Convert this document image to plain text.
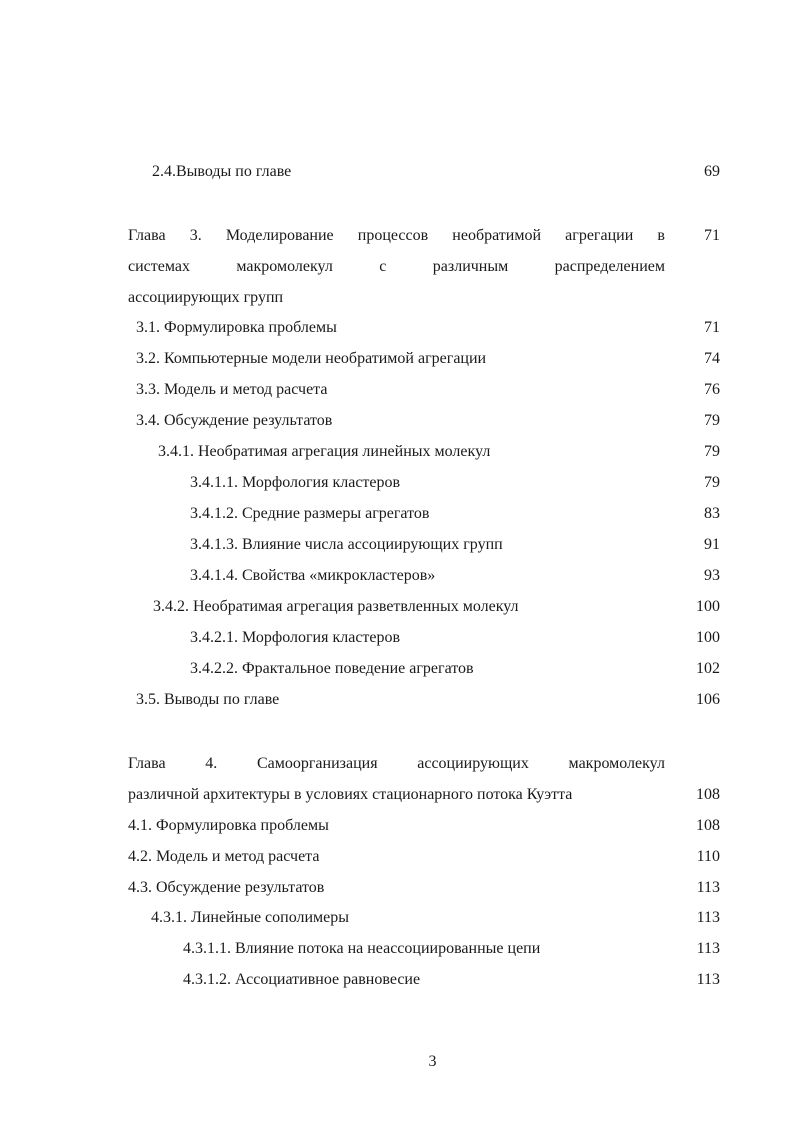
2.4.Выводы по главе	69
Глава 3. Моделирование процессов необратимой агрегации в 71
системах	макромолекул	с	различным	распределением
ассоциирующих групп
3.1. Формулировка проблемы	71
3.2. Компьютерные модели необратимой агрегации	74
3.3. Модель и метод расчета	76
3.4. Обсуждение результатов	79
3.4.1. Необратимая агрегация линейных молекул	79
3.4.1.1. Морфология кластеров	79
3.4.1.2. Средние размеры агрегатов	83
3.4.1.3. Влияние числа ассоциирующих групп	91
3.4.1.4. Свойства «микрокластеров»	93
3.4.2. Необратимая агрегация разветвленных молекул	100
3.4.2.1. Морфология кластеров	100
3.4.2.2. Фрактальное поведение агрегатов	102
3.5. Выводы по главе	106
Глава 4. Самоорганизация ассоциирующих макромолекул
различной архитектуры в условиях стационарного потока Куэтта	108
4.1. Формулировка проблемы	108
4.2. Модель и метод расчета	110
4.3. Обсуждение результатов	113
4.3.1. Линейные сополимеры	113
4.3.1.1. Влияние потока на неассоциированные цепи	113
4.3.1.2. Ассоциативное равновесие	113
3
